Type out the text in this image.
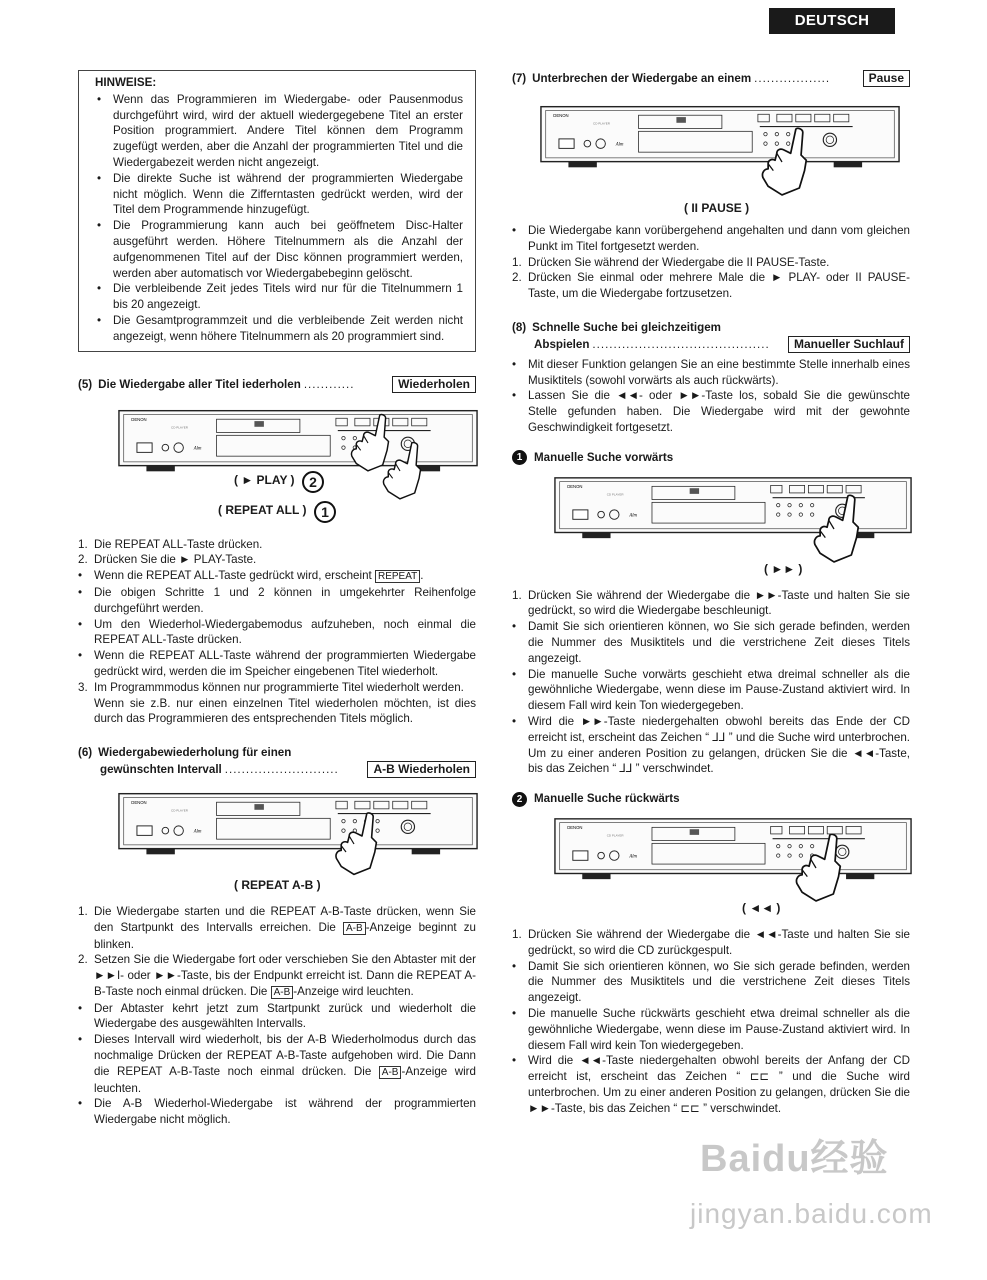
DEUTSCH
HINWEISE:
• Wenn das Programmieren im Wiedergabe- oder Pausenmodus durchgeführt wird, wird der aktuell wiedergegebene Titel an erster Position programmiert. Andere Titel können dem Programm zugefügt werden, aber die Anzahl der programmierten Titel und die Wiedergabezeit werden nicht angezeigt.
• Die direkte Suche ist während der programmierten Wiedergabe nicht möglich. Wenn die Zifferntasten gedrückt werden, wird der Titel dem Programmende hinzugefügt.
• Die Programmierung kann auch bei geöffnetem Disc-Halter ausgeführt werden. Höhere Titelnummern als die Anzahl der aufgenommenen Titel auf der Disc können programmiert werden, werden aber automatisch vor Wiedergabebeginn gelöscht.
• Die verbleibende Zeit jedes Titels wird nur für die Titelnummern 1 bis 20 angezeigt.
• Die Gesamtprogrammzeit und die verbleibende Zeit werden nicht angezeigt, wenn höhere Titelnummern als 20 programmiert sind.
(5) Die Wiedergabe aller Titel iederholen ............	Wiederholen
( ► PLAY )	2
( REPEAT ALL )	1
1. Die REPEAT ALL-Taste drücken.
2. Drücken Sie die ► PLAY-Taste.
• Wenn die REPEAT ALL-Taste gedrückt wird, erscheint REPEAT .
• Die obigen Schritte 1 und 2 können in umgekehrter Reihenfolge durchgeführt werden.
• Um den Wiederhol-Wiedergabemodus aufzuheben, noch einmal die REPEAT ALL-Taste drücken.
• Wenn die REPEAT ALL-Taste während der programmierten Wiedergabe gedrückt wird, werden die im Speicher eingebenen Titel wiederholt.
3. Im Programmmodus können nur programmierte Titel wiederholt werden.
Wenn sie z.B. nur einen einzelnen Titel wiederholen möchten, ist dies durch das Programmieren des entsprechenden Titels möglich.
(6) Wiedergabewiederholung für einen
gewünschten Intervall ...........................	A-B Wiederholen
( REPEAT A-B )
1. Die Wiedergabe starten und die REPEAT A-B-Taste drücken, wenn Sie den Startpunkt des Intervalls erreichen. Die A-B -Anzeige beginnt zu blinken.
2. Setzen Sie die Wiedergabe fort oder verschieben Sie den Abtaster mit der ►►I- oder ►►-Taste, bis der Endpunkt erreicht ist. Dann die REPEAT A-B-Taste noch einmal drücken. Die A-B -Anzeige wird leuchten.
• Der Abtaster kehrt jetzt zum Startpunkt zurück und wiederholt die Wiedergabe des ausgewählten Intervalls.
• Dieses Intervall wird wiederholt, bis der A-B Wiederholmodus durch das nochmalige Drücken der REPEAT A-B-Taste aufgehoben wird. Die Dann die REPEAT A-B-Taste noch einmal drücken. Die A-B -Anzeige wird leuchten.
• Die A-B Wiederhol-Wiedergabe ist während der programmierten Wiedergabe nicht möglich.
(7) Unterbrechen der Wiedergabe an einem ..................	Pause
( II PAUSE )
• Die Wiedergabe kann vorübergehend angehalten und dann vom gleichen Punkt im Titel fortgesetzt werden.
1. Drücken Sie während der Wiedergabe die II PAUSE-Taste.
2. Drücken Sie einmal oder mehrere Male die ► PLAY- oder II PAUSE-Taste, um die Wiedergabe fortzusetzen.
(8) Schnelle Suche bei gleichzeitigem
Abspielen ..........................................	Manueller Suchlauf
• Mit dieser Funktion gelangen Sie an eine bestimmte Stelle innerhalb eines Musiktitels (sowohl vorwärts als auch rückwärts).
• Lassen Sie die ◄◄- oder ►►-Taste los, sobald Sie die gewünschte Stelle gefunden haben. Die Wiedergabe wird mit der gewohnte Geschwindigkeit fortgesetzt.
1	Manuelle Suche vorwärts
( ►► )
1. Drücken Sie während der Wiedergabe die ►►-Taste und halten Sie sie gedrückt, so wird die Wiedergabe beschleunigt.
• Damit Sie sich orientieren können, wo Sie sich gerade befinden, werden die Nummer des Musiktitels und die verstrichene Zeit dieses Titels angezeigt.
• Die manuelle Suche vorwärts geschieht etwa dreimal schneller als die gewöhnliche Wiedergabe, wenn diese im Pause-Zustand aktiviert wird. In diesem Fall wird kein Ton wiedergegeben.
• Wird die ►►-Taste niedergehalten obwohl bereits das Ende der CD erreicht ist, erscheint das Zeichen “ ⅃⅃ ” und die Suche wird unterbrochen. Um zu einer anderen Position zu gelangen, drücken Sie die ◄◄-Taste, bis das Zeichen “ ⅃⅃ ” verschwindet.
2	Manuelle Suche rückwärts
( ◄◄ )
1. Drücken Sie während der Wiedergabe die ◄◄-Taste und halten Sie sie gedrückt, so wird die CD zurückgespult.
• Damit Sie sich orientieren können, wo Sie sich gerade befinden, werden die Nummer des Musiktitels und die verstrichene Zeit dieses Titels angezeigt.
• Die manuelle Suche rückwärts geschieht etwa dreimal schneller als die gewöhnliche Wiedergabe, wenn diese im Pause-Zustand aktiviert wird. In diesem Fall wird kein Ton wiedergegeben.
• Wird die ◄◄-Taste niedergehalten obwohl bereits der Anfang der CD erreicht ist, erscheint das Zeichen “ ⊏⊏ ” und die Suche wird unterbrochen. Um zu einer anderen Position zu gelangen, drücken Sie die ►►-Taste, bis das Zeichen “ ⊏⊏ ” verschwindet.
Baidu经验
jingyan.baidu.com
